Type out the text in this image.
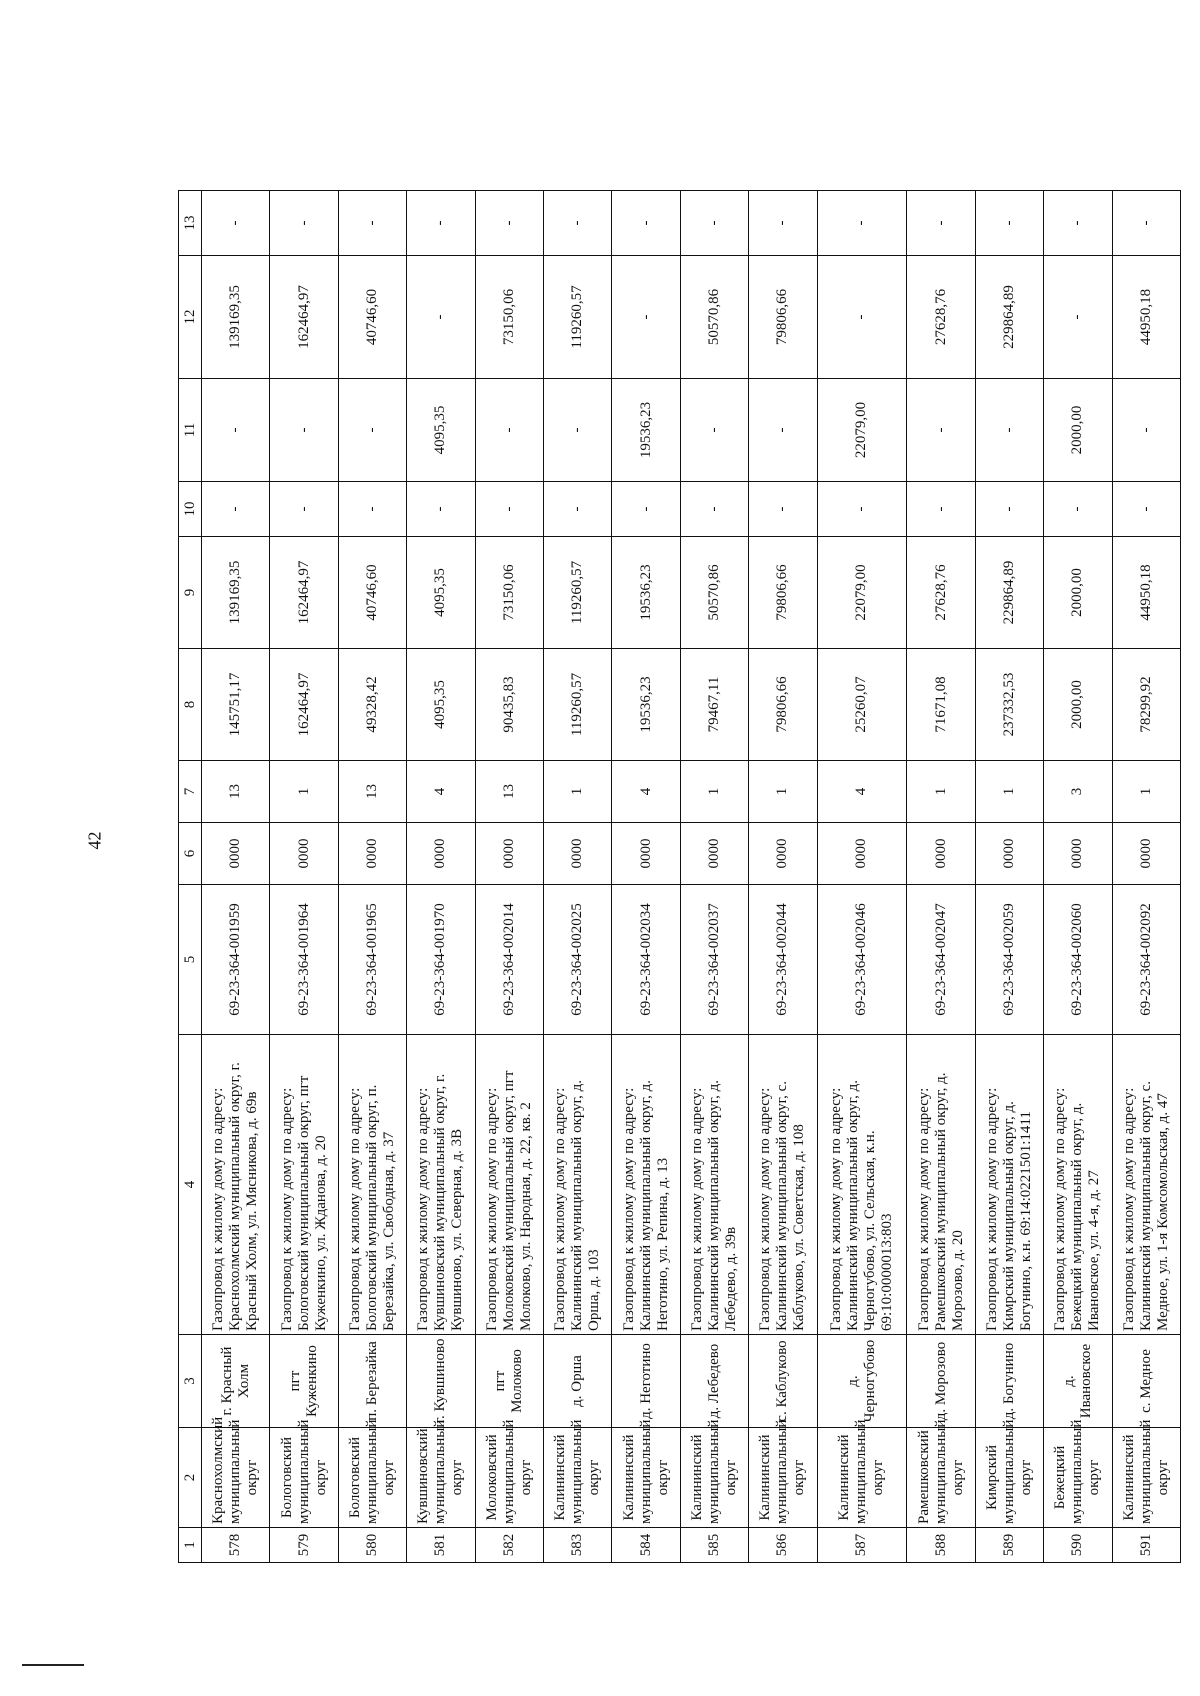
42
1	2	3	4	5	6	7	8	9	10	11	12	13
578	Краснохолмский муниципальный округ	г. Красный Холм	Газопровод к жилому дому по адресу: Краснохолмский муниципальный округ, г. Красный Холм, ул. Мясникова, д. 69в	69-23-364-001959	0000	13	145751,17	139169,35	-	-	139169,35	-
579	Бологовский муниципальный округ	пгт Куженкино	Газопровод к жилому дому по адресу: Бологовский муниципальный округ, пгт Куженкино, ул. Жданова, д. 20	69-23-364-001964	0000	1	162464,97	162464,97	-	-	162464,97	-
580	Бологовский муниципальный округ	п. Березайка	Газопровод к жилому дому по адресу: Бологовский муниципальный округ, п. Березайка, ул. Свободная, д. 37	69-23-364-001965	0000	13	49328,42	40746,60	-	-	40746,60	-
581	Кувшиновский муниципальный округ	г. Кувшиново	Газопровод к жилому дому по адресу: Кувшиновский муниципальный округ, г. Кувшиново, ул. Северная, д. 3В	69-23-364-001970	0000	4	4095,35	4095,35	-	4095,35	-	-
582	Молоковский муниципальный округ	пгт Молоково	Газопровод к жилому дому по адресу: Молоковский муниципальный округ, пгт Молоково, ул. Народная, д. 22, кв. 2	69-23-364-002014	0000	13	90435,83	73150,06	-	-	73150,06	-
583	Калининский муниципальный округ	д. Орша	Газопровод к жилому дому по адресу: Калининский муниципальный округ, д. Орша, д. 103	69-23-364-002025	0000	1	119260,57	119260,57	-	-	119260,57	-
584	Калининский муниципальный округ	д. Неготино	Газопровод к жилому дому по адресу: Калининский муниципальный округ, д. Неготино, ул. Репина, д. 13	69-23-364-002034	0000	4	19536,23	19536,23	-	19536,23	-	-
585	Калининский муниципальный округ	д. Лебедево	Газопровод к жилому дому по адресу: Калининский муниципальный округ, д. Лебедево, д. 39в	69-23-364-002037	0000	1	79467,11	50570,86	-	-	50570,86	-
586	Калининский муниципальный округ	с. Каблуково	Газопровод к жилому дому по адресу: Калининский муниципальный округ, с. Каблуково, ул. Советская, д. 108	69-23-364-002044	0000	1	79806,66	79806,66	-	-	79806,66	-
587	Калининский муниципальный округ	д. Черногубово	Газопровод к жилому дому по адресу: Калининский муниципальный округ, д. Черногубово, ул. Сельская, к.н. 69:10:0000013:803	69-23-364-002046	0000	4	25260,07	22079,00	-	22079,00	-	-
588	Рамешковский муниципальный округ	д. Морозово	Газопровод к жилому дому по адресу: Рамешковский муниципальный округ, д. Морозово, д. 20	69-23-364-002047	0000	1	71671,08	27628,76	-	-	27628,76	-
589	Кимрский муниципальный округ	д. Богунино	Газопровод к жилому дому по адресу: Кимрский муниципальный округ, д. Богунино, к.н. 69:14:0221501:1411	69-23-364-002059	0000	1	237332,53	229864,89	-	-	229864,89	-
590	Бежецкий муниципальный округ	д. Ивановское	Газопровод к жилому дому по адресу: Бежецкий муниципальный округ, д. Ивановское, ул. 4-я, д. 27	69-23-364-002060	0000	3	2000,00	2000,00	-	2000,00	-	-
591	Калининский муниципальный округ	с. Медное	Газопровод к жилому дому по адресу: Калининский муниципальный округ, с. Медное, ул. 1-я Комсомольская, д. 47	69-23-364-002092	0000	1	78299,92	44950,18	-	-	44950,18	-
